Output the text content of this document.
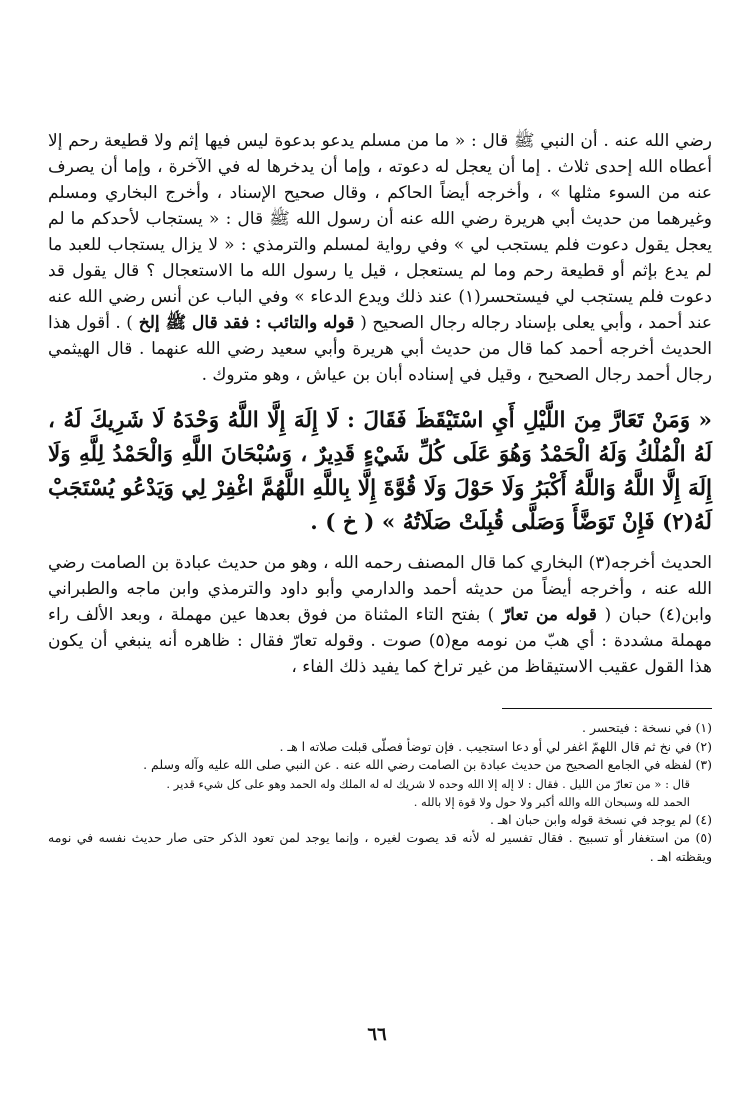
رضي الله عنه . أن النبي ﷺ قال : « ما من مسلم يدعو بدعوة ليس فيها إثم ولا قطيعة رحم إلا أعطاه الله إحدى ثلاث . إما أن يعجل له دعوته ، وإما أن يدخرها له في الآخرة ، وإما أن يصرف عنه من السوء مثلها » ، وأخرجه أيضاً الحاكم ، وقال صحيح الإسناد ، وأخرج البخاري ومسلم وغيرهما من حديث أبي هريرة رضي الله عنه أن رسول الله ﷺ قال : « يستجاب لأحدكم ما لم يعجل يقول دعوت فلم يستجب لي » وفي رواية لمسلم والترمذي : « لا يزال يستجاب للعبد ما لم يدع بإثم أو قطيعة رحم وما لم يستعجل ، قيل يا رسول الله ما الاستعجال ؟ قال يقول قد دعوت فلم يستجب لي فيستحسر(١) عند ذلك ويدع الدعاء » وفي الباب عن أنس رضي الله عنه عند أحمد ، وأبي يعلى بإسناد رجاله رجال الصحيح ( قوله والتائب : فقد قال ﷺ إلخ ) . أقول هذا الحديث أخرجه أحمد كما قال من حديث أبي هريرة وأبي سعيد رضي الله عنهما . قال الهيثمي رجال أحمد رجال الصحيح ، وقيل في إسناده أبان بن عياش ، وهو متروك .

« وَمَنْ تَعَارَّ مِنَ اللَّيْلِ أَيِ اسْتَيْقَظَ فَقَالَ : لَا إِلَهَ إِلَّا اللَّهُ وَحْدَهُ لَا شَرِيكَ لَهُ ، لَهُ الْمُلْكُ وَلَهُ الْحَمْدُ وَهُوَ عَلَى كُلِّ شَيْءٍ قَدِيرٌ ، وَسُبْحَانَ اللَّهِ وَالْحَمْدُ لِلَّهِ وَلَا إِلَهَ إِلَّا اللَّهُ وَاللَّهُ أَكْبَرُ وَلَا حَوْلَ وَلَا قُوَّةَ إِلَّا بِاللَّهِ اللَّهُمَّ اغْفِرْ لِي وَيَدْعُو يُسْتَجَبْ لَهُ(٢) فَإِنْ تَوَضَّأَ وَصَلَّى قُبِلَتْ صَلَاتُهُ » ( خ ) .

الحديث أخرجه(٣) البخاري كما قال المصنف رحمه الله ، وهو من حديث عبادة بن الصامت رضي الله عنه ، وأخرجه أيضاً من حديثه أحمد والدارمي وأبو داود والترمذي وابن ماجه والطبراني وابن(٤) حبان ( قوله من تعارّ ) بفتح التاء المثناة من فوق بعدها عين مهملة ، وبعد الألف راء مهملة مشددة : أي هبّ من نومه مع(٥) صوت . وقوله تعارّ فقال : ظاهره أنه ينبغي أن يكون هذا القول عقيب الاستيقاظ من غير تراخ كما يفيد ذلك الفاء ،

(١) في نسخة : فيتحسر .

(٢) في نخ ثم قال اللهمّ اغفر لي أو دعا استجيب . فإن توضأ فصلّى قبلت صلاته ا هـ .

(٣) لفظه في الجامع الصحيح من حديث عبادة بن الصامت رضي الله عنه . عن النبي صلى الله عليه وآله وسلم .

قال : « من تعارّ من الليل . فقال : لا إله إلا الله وحده لا شريك له له الملك وله الحمد وهو على كل شيء قدير .

الحمد لله وسبحان الله والله أكبر ولا حول ولا قوة إلا بالله .

(٤) لم يوجد في نسخة قوله وابن حبان اهـ .

(٥) من استغفار أو تسبيح . فقال تفسير له لأنه قد يصوت لغيره ، وإنما يوجد لمن تعود الذكر حتى صار حديث نفسه في نومه ويقظته اهـ .

٦٦
